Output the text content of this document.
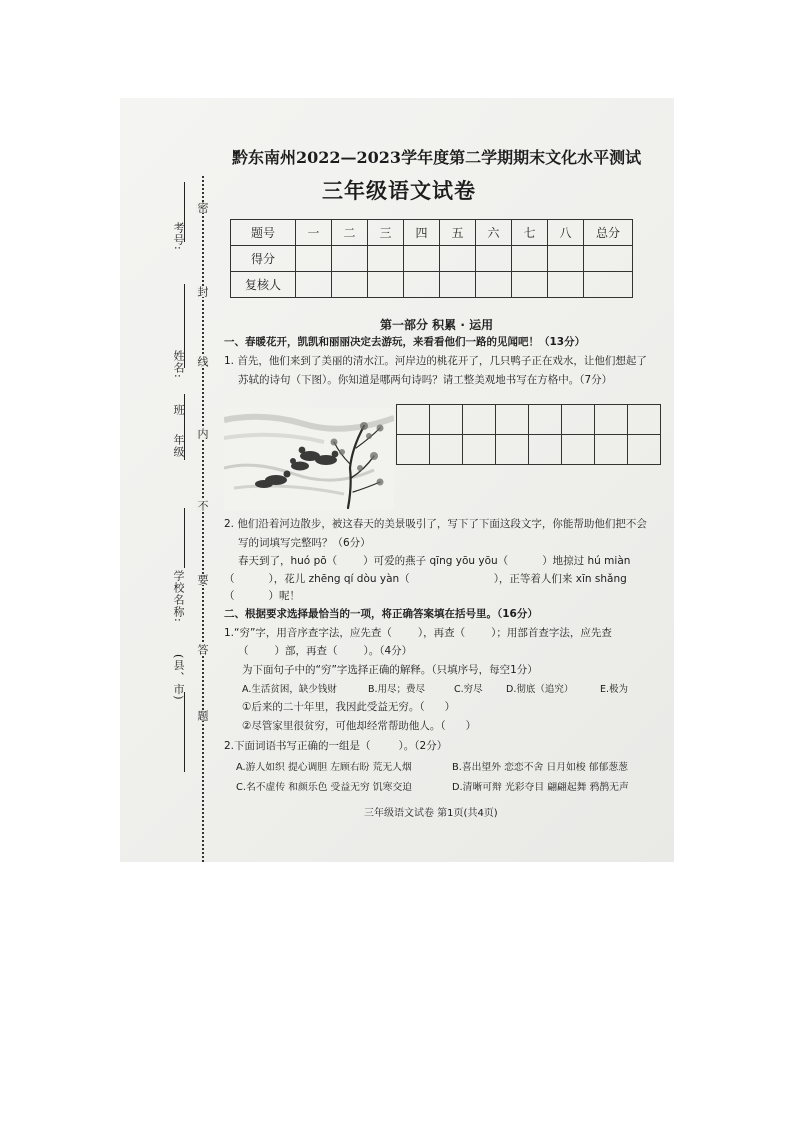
考号:
密
姓名:
封
线
年级
班
内
不
学校名称: 要
答
(县、市)
题
黔东南州2022—2023学年度第二学期期末文化水平测试
三年级语文试卷
题号	一	二	三	四	五	六	七	八	总分
得分									
复核人									
第一部分 积累 · 运用
一、春暖花开，凯凯和丽丽决定去游玩，来看看他们一路的见闻吧！（13分）
1. 首先，他们来到了美丽的清水江。河岸边的桃花开了，几只鸭子正在戏水，让他们想起了
苏轼的诗句（下图）。你知道是哪两句诗吗？请工整美观地书写在方格中。（7分）

2. 他们沿着河边散步，被这春天的美景吸引了，写下了下面这段文字，你能帮助他们把不会
写的词填写完整吗？（6分）
春天到了，huó pō（ ）可爱的燕子 qīng yōu yōu（	）地掠过 hú miàn
（	），花儿 zhēng qí dòu yàn（	），正等着人们来 xīn shǎng
（	）呢！
二、根据要求选择最恰当的一项，将正确答案填在括号里。（16分）
1.“穷”字，用音序查字法，应先查（ ），再查（ ）；用部首查字法，应先查
（ ）部，再查（ ）。（4分）
为下面句子中的“穷”字选择正确的解释。（只填序号，每空1分）
A.生活贫困，缺少钱财	B.用尽；费尽	C.穷尽 D.彻底（追究）	E.极为
①后来的二十年里，我因此受益无穷。（ ）
②尽管家里很贫穷，可他却经常帮助他人。（ ）
2.下面词语书写正确的一组是（	）。（2分）
A.游人如织 提心调胆 左顾右盼 荒无人烟	B.喜出望外 恋恋不舍 日月如梭 郁郁葱葱
C.名不虚传 和颜乐色 受益无穷 饥寒交迫	D.清晰可辩 光彩夺目 翩翩起舞 鸦鹊无声
三年级语文试卷 第1页(共4页)
